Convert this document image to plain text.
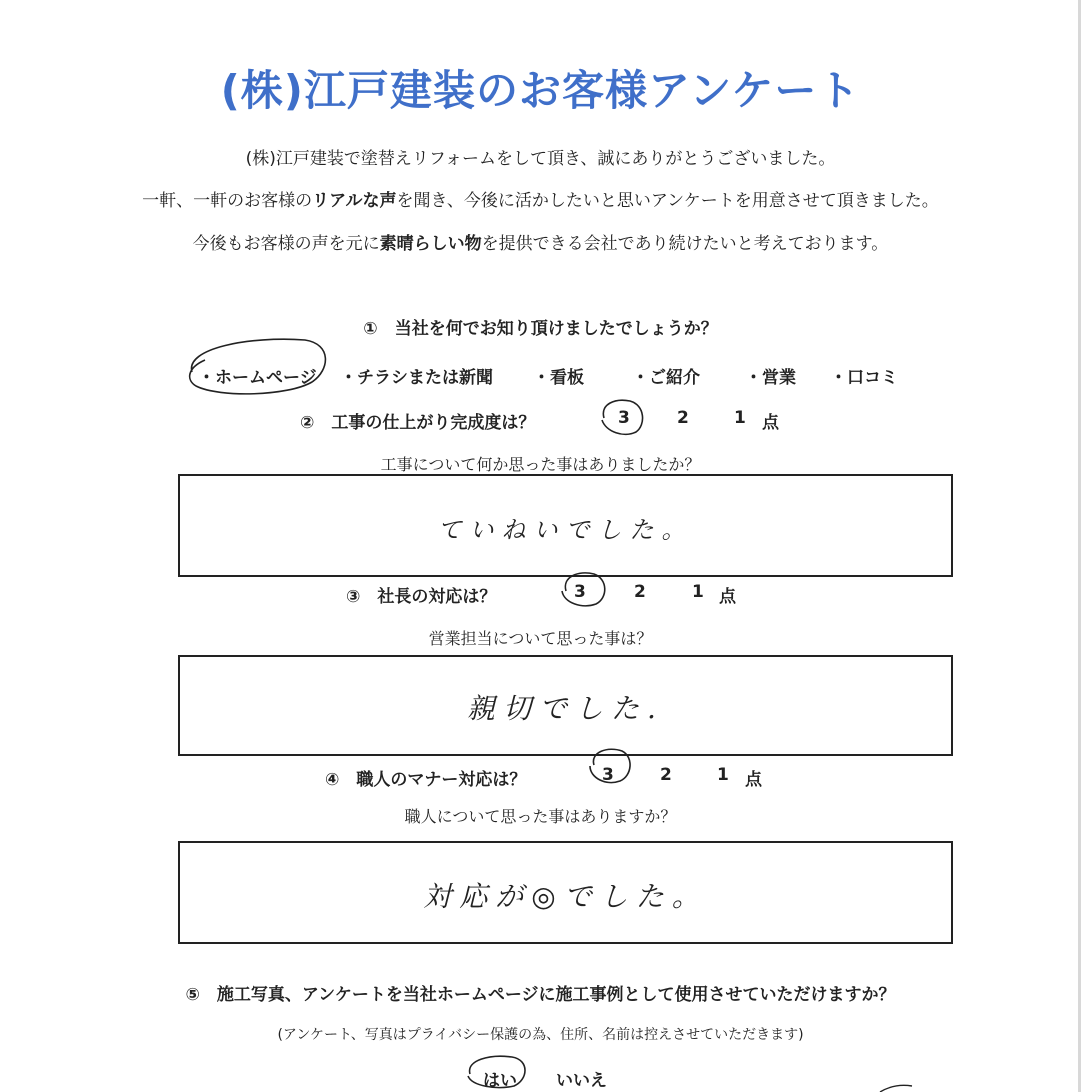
(株)江戸建装のお客様アンケート
(株)江戸建装で塗替えリフォームをして頂き、誠にありがとうございました。
一軒、一軒のお客様のリアルな声を聞き、今後に活かしたいと思いアンケートを用意させて頂きました。
今後もお客様の声を元に素晴らしい物を提供できる会社であり続けたいと考えております。
①　当社を何でお知り頂けましたでしょうか？
・ホームページ ・チラシまたは新聞 ・看板	・ご紹介	・営業 ・口コミ
②　工事の仕上がり完成度は？	3	2	1 点
工事について何か思った事はありましたか？
ていねいでした。
③　社長の対応は？	3	2	1 点
営業担当について思った事は？
親切でした.
④　職人のマナー対応は？	3	2	1 点
職人について思った事はありますか？
対応が◎でした。
⑤　施工写真、アンケートを当社ホームページに施工事例として使用させていただけますか？
(アンケート、写真はプライバシー保護の為、住所、名前は控えさせていただきます)
はい いいえ
